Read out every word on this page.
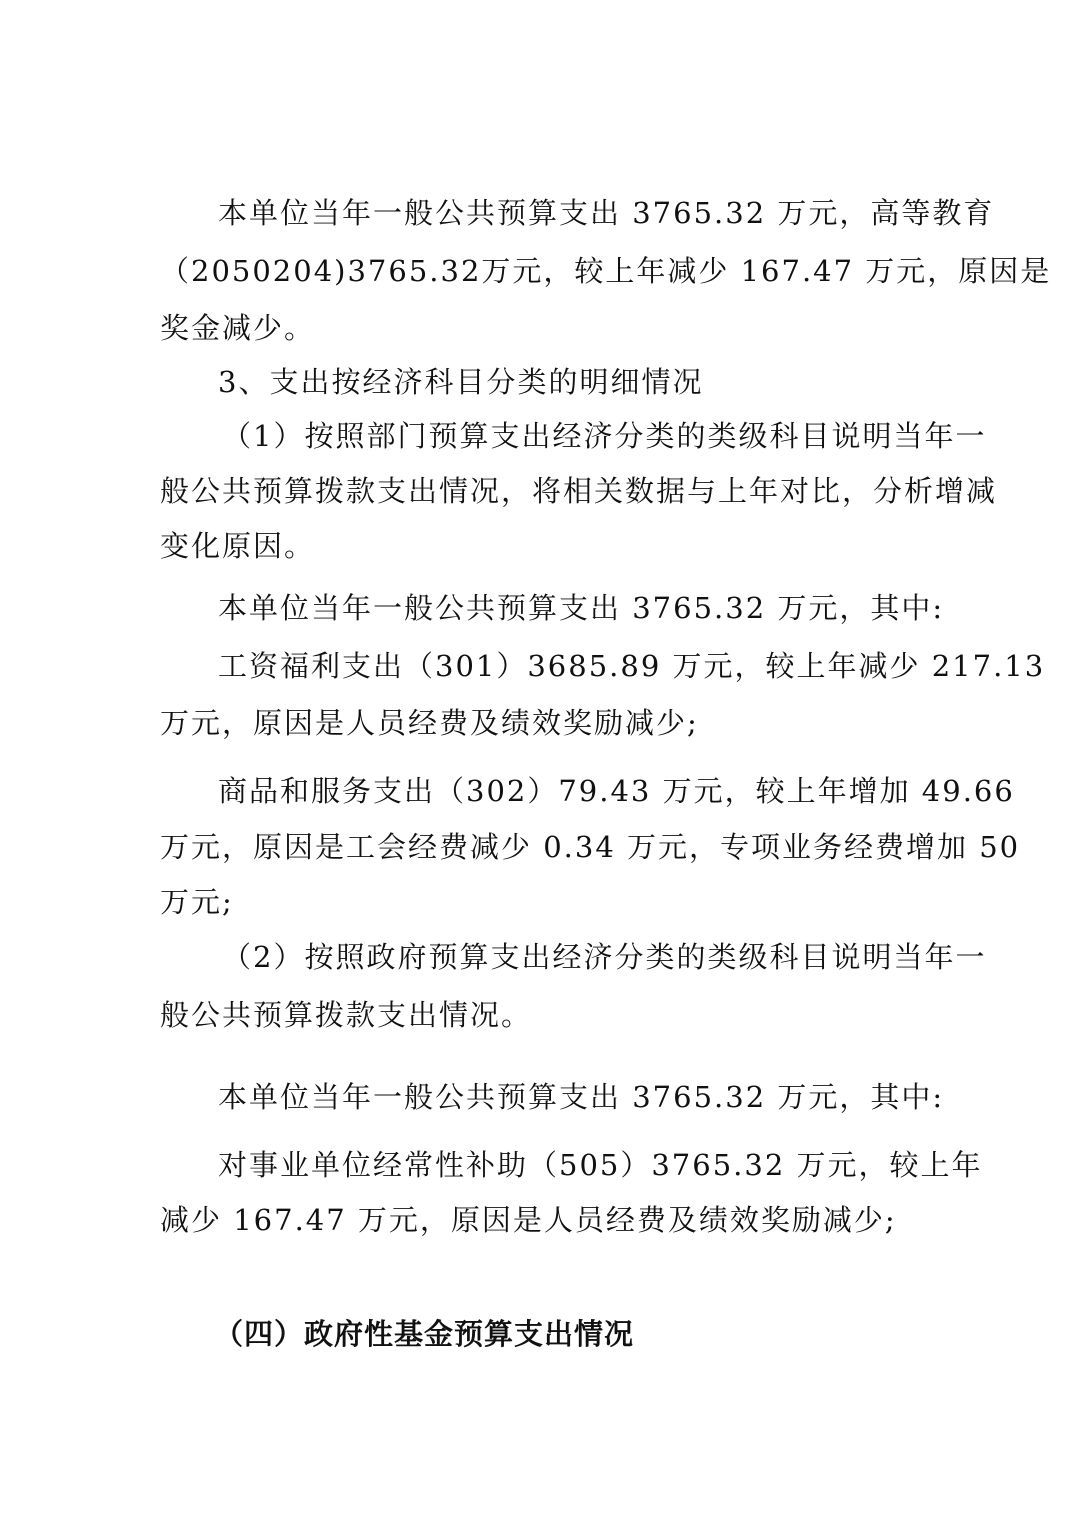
本单位当年一般公共预算支出 3765.32 万元，高等教育
（2050204)3765.32万元，较上年减少 167.47 万元，原因是
奖金减少。
3、支出按经济科目分类的明细情况
（1）按照部门预算支出经济分类的类级科目说明当年一
般公共预算拨款支出情况，将相关数据与上年对比，分析增减
变化原因。
本单位当年一般公共预算支出 3765.32 万元，其中:
工资福利支出（301）3685.89 万元，较上年减少 217.13
万元，原因是人员经费及绩效奖励减少;
商品和服务支出（302）79.43 万元，较上年增加 49.66
万元，原因是工会经费减少 0.34 万元，专项业务经费增加 50
万元;
（2）按照政府预算支出经济分类的类级科目说明当年一
般公共预算拨款支出情况。
本单位当年一般公共预算支出 3765.32 万元，其中:
对事业单位经常性补助（505）3765.32 万元，较上年
减少 167.47 万元，原因是人员经费及绩效奖励减少;
（四）政府性基金预算支出情况
